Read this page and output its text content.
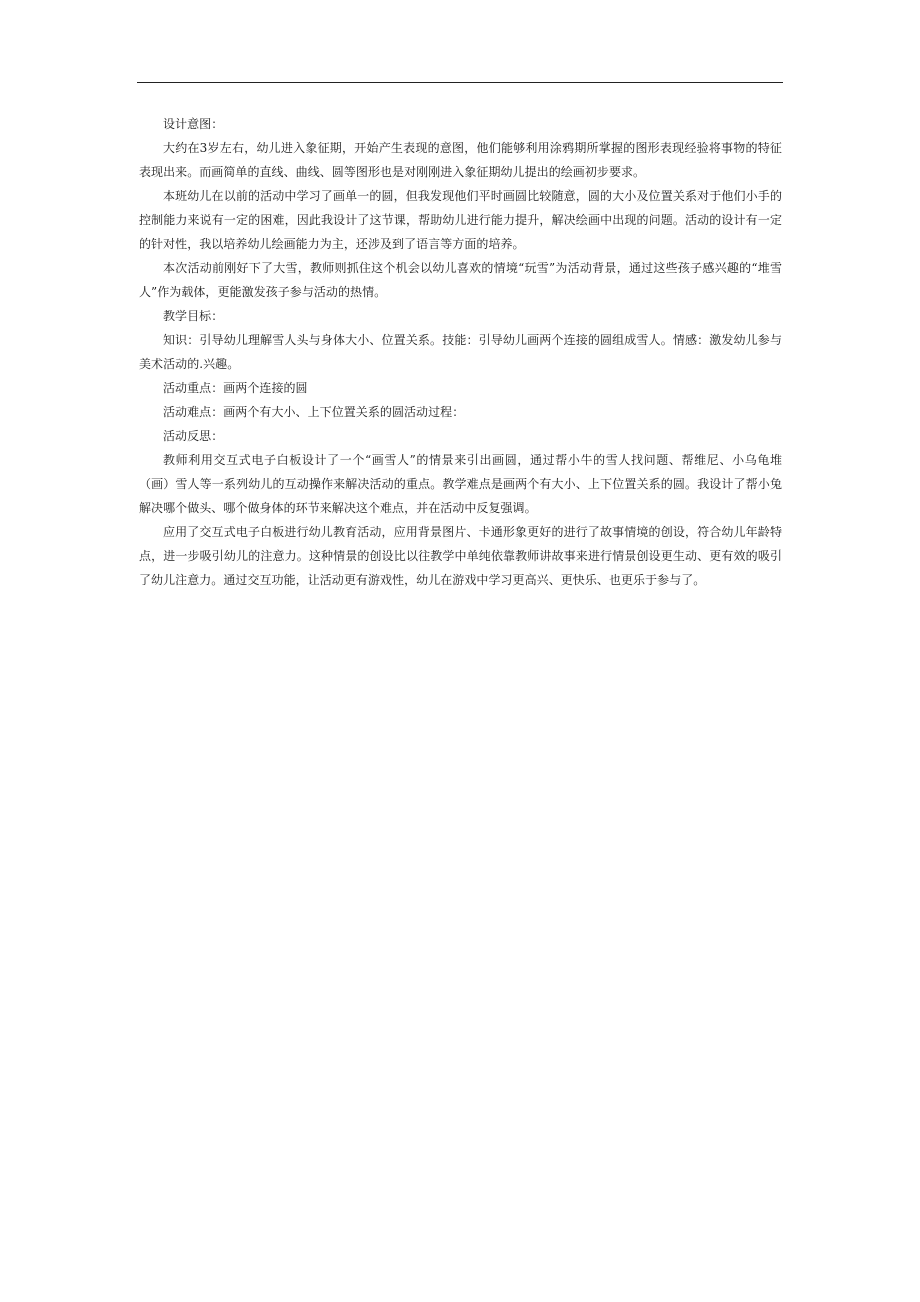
设计意图：

大约在3岁左右，幼儿进入象征期，开始产生表现的意图，他们能够利用涂鸦期所掌握的图形表现经验将事物的特征表现出来。而画简单的直线、曲线、圆等图形也是对刚刚进入象征期幼儿提出的绘画初步要求。

本班幼儿在以前的活动中学习了画单一的圆，但我发现他们平时画圆比较随意，圆的大小及位置关系对于他们小手的控制能力来说有一定的困难，因此我设计了这节课，帮助幼儿进行能力提升，解决绘画中出现的问题。活动的设计有一定的针对性，我以培养幼儿绘画能力为主，还涉及到了语言等方面的培养。

本次活动前刚好下了大雪，教师则抓住这个机会以幼儿喜欢的情境“玩雪”为活动背景，通过这些孩子感兴趣的“堆雪人”作为载体，更能激发孩子参与活动的热情。

教学目标：

知识：引导幼儿理解雪人头与身体大小、位置关系。技能：引导幼儿画两个连接的圆组成雪人。情感：激发幼儿参与美术活动的.兴趣。

活动重点：画两个连接的圆

活动难点：画两个有大小、上下位置关系的圆活动过程：

活动反思：

教师利用交互式电子白板设计了一个“画雪人”的情景来引出画圆，通过帮小牛的雪人找问题、帮维尼、小乌龟堆（画）雪人等一系列幼儿的互动操作来解决活动的重点。教学难点是画两个有大小、上下位置关系的圆。我设计了帮小兔解决哪个做头、哪个做身体的环节来解决这个难点，并在活动中反复强调。

应用了交互式电子白板进行幼儿教育活动，应用背景图片、卡通形象更好的进行了故事情境的创设，符合幼儿年龄特点，进一步吸引幼儿的注意力。这种情景的创设比以往教学中单纯依靠教师讲故事来进行情景创设更生动、更有效的吸引了幼儿注意力。通过交互功能，让活动更有游戏性，幼儿在游戏中学习更高兴、更快乐、也更乐于参与了。
